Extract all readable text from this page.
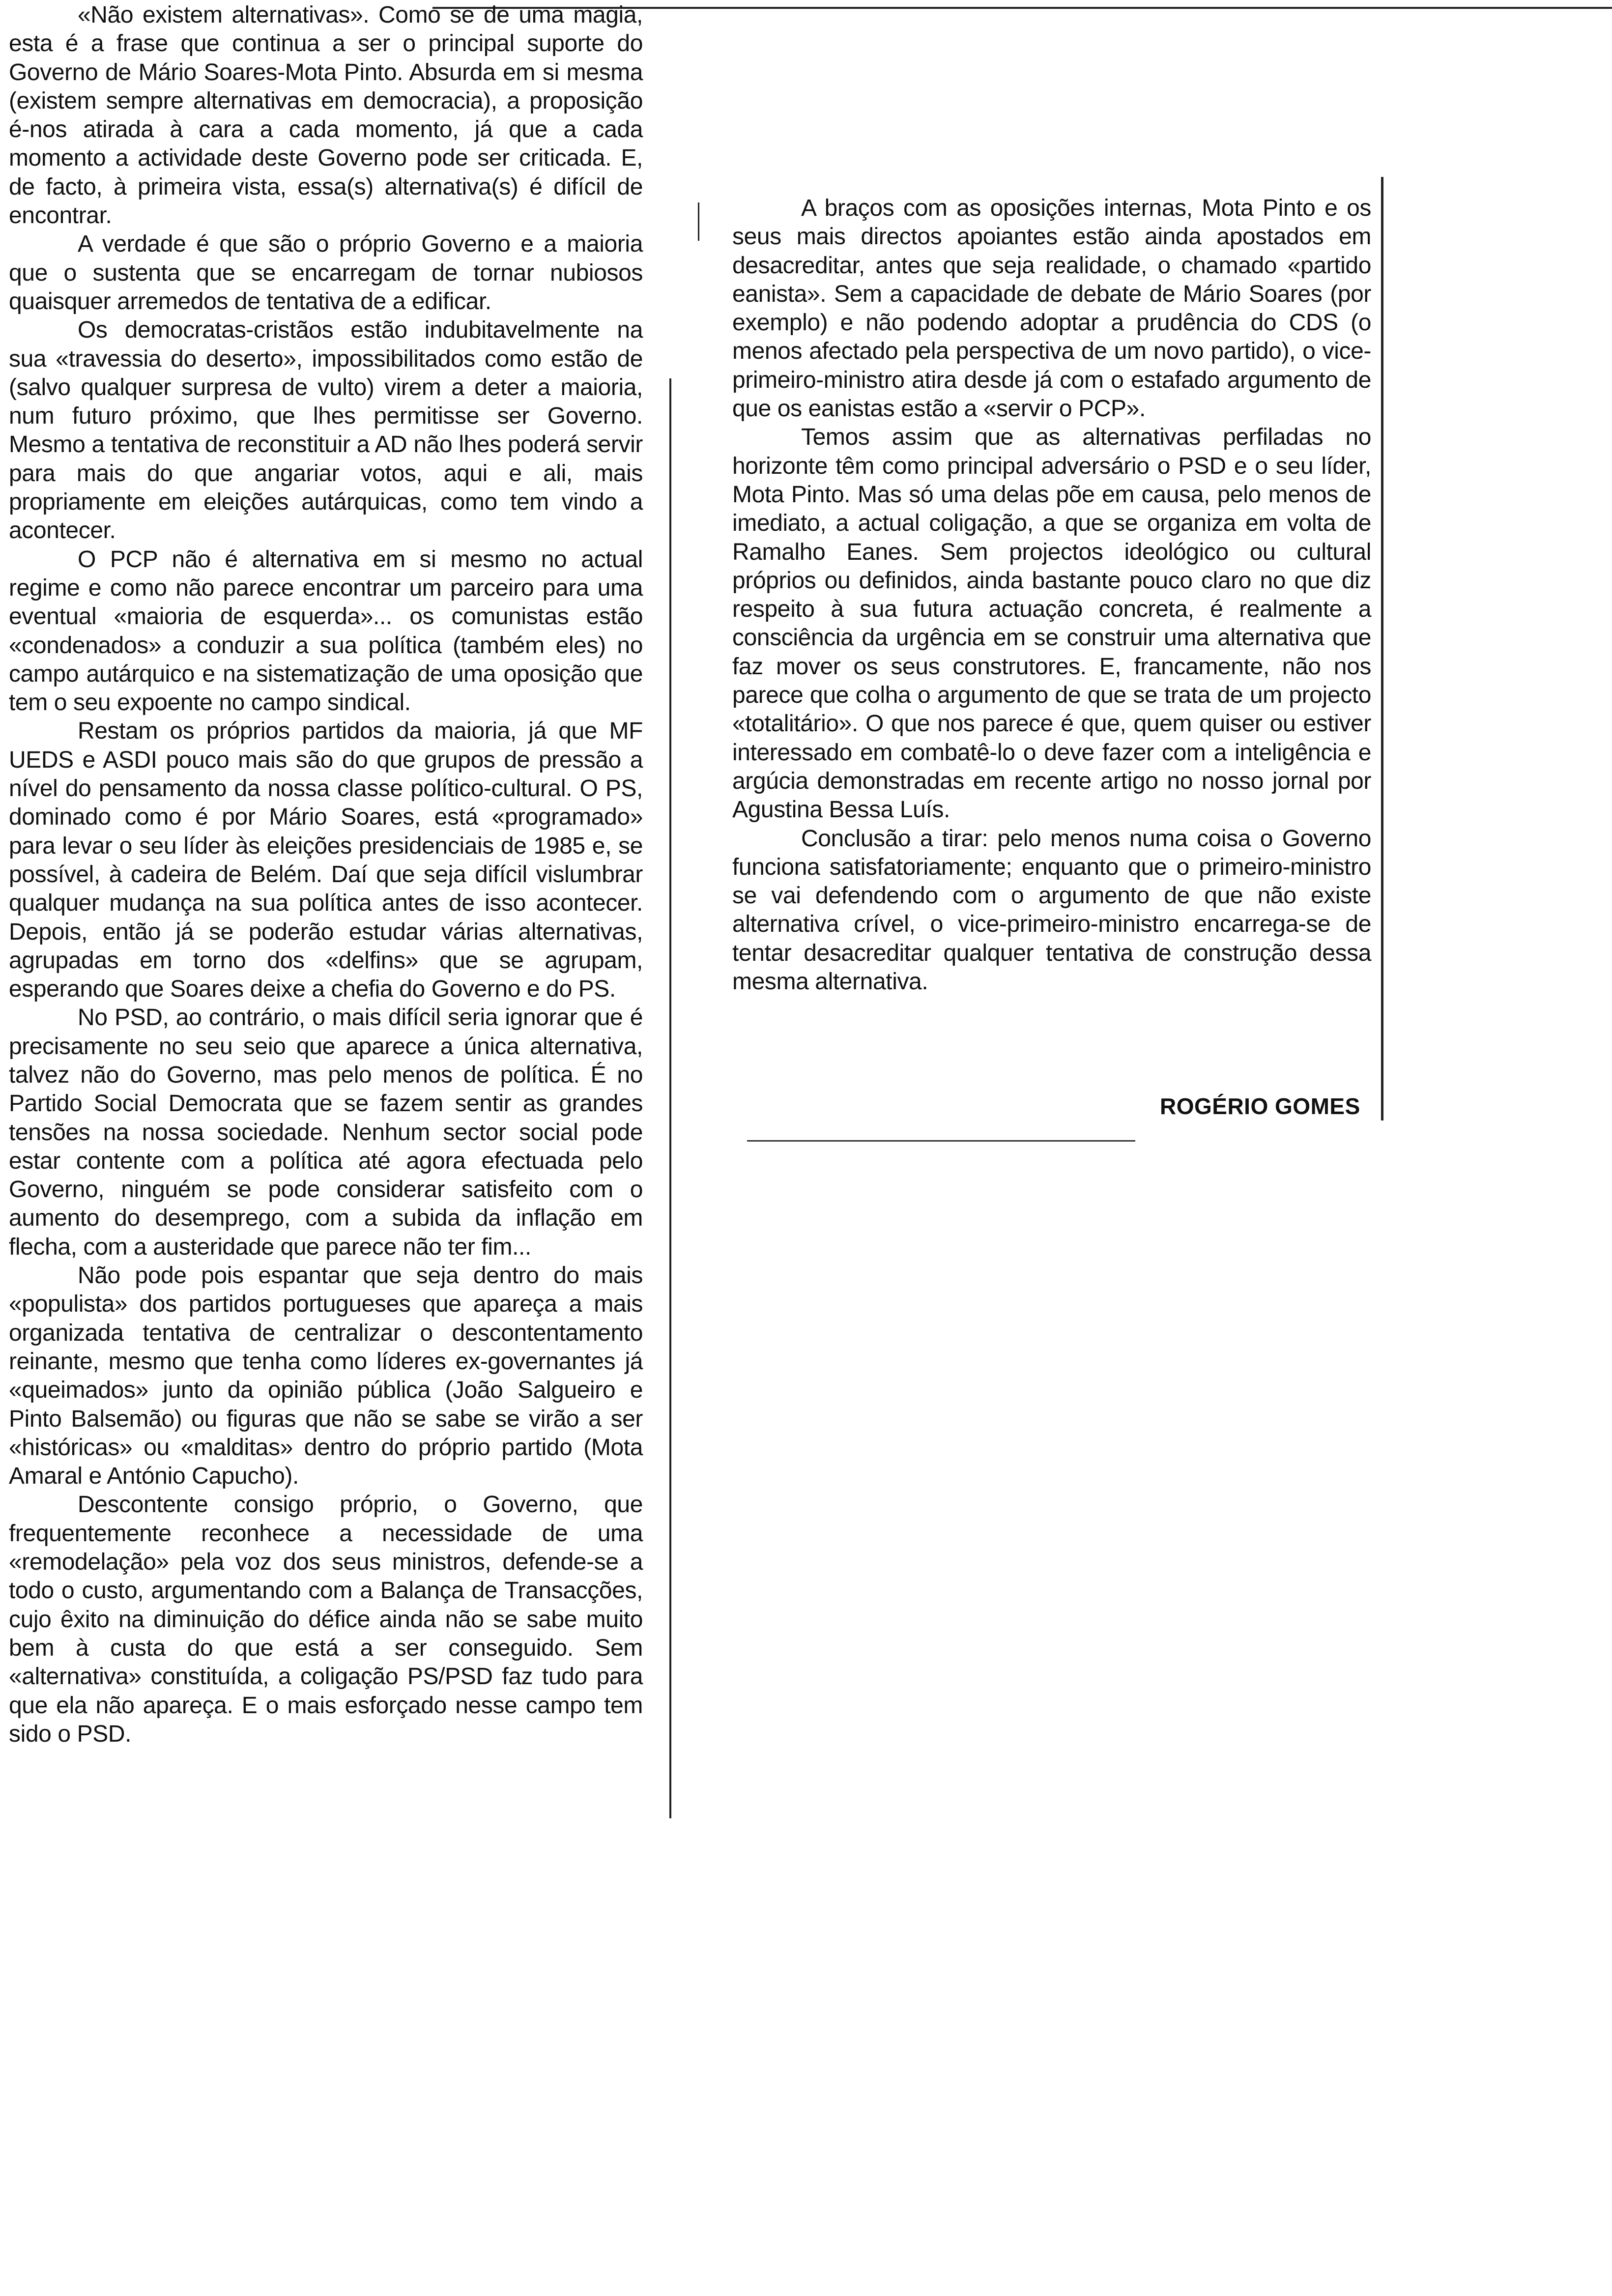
«Não existem alternativas». Como se de uma magia, esta é a frase que continua a ser o principal suporte do Governo de Mário Soares-Mota Pinto. Absurda em si mesma (existem sempre alternativas em democracia), a proposição é-nos atirada à cara a cada momento, já que a cada momento a actividade deste Governo pode ser criticada. E, de facto, à primeira vista, essa(s) alternativa(s) é difícil de encontrar.

A verdade é que são o próprio Governo e a maioria que o sustenta que se encarregam de tornar nubiosos quaisquer arremedos de tentativa de a edificar.

Os democratas-cristãos estão indubitavelmente na sua «travessia do deserto», impossibilitados como estão de (salvo qualquer surpresa de vulto) virem a deter a maioria, num futuro próximo, que lhes permitisse ser Governo. Mesmo a tentativa de reconstituir a AD não lhes poderá servir para mais do que angariar votos, aqui e ali, mais propriamente em eleições autárquicas, como tem vindo a acontecer.

O PCP não é alternativa em si mesmo no actual regime e como não parece encontrar um parceiro para uma eventual «maioria de esquerda»... os comunistas estão «condenados» a conduzir a sua política (também eles) no campo autárquico e na sistematização de uma oposição que tem o seu expoente no campo sindical.

Restam os próprios partidos da maioria, já que MF UEDS e ASDI pouco mais são do que grupos de pressão a nível do pensamento da nossa classe político-cultural. O PS, dominado como é por Mário Soares, está «programado» para levar o seu líder às eleições presidenciais de 1985 e, se possível, à cadeira de Belém. Daí que seja difícil vislumbrar qualquer mudança na sua política antes de isso acontecer. Depois, então já se poderão estudar várias alternativas, agrupadas em torno dos «delfins» que se agrupam, esperando que Soares deixe a chefia do Governo e do PS.

No PSD, ao contrário, o mais difícil seria ignorar que é precisamente no seu seio que aparece a única alternativa, talvez não do Governo, mas pelo menos de política. É no Partido Social Democrata que se fazem sentir as grandes tensões na nossa sociedade. Nenhum sector social pode estar contente com a política até agora efectuada pelo Governo, ninguém se pode considerar satisfeito com o aumento do desemprego, com a subida da inflação em flecha, com a austeridade que parece não ter fim...

Não pode pois espantar que seja dentro do mais «populista» dos partidos portugueses que apareça a mais organizada tentativa de centralizar o descontentamento reinante, mesmo que tenha como líderes ex-governantes já «queimados» junto da opinião pública (João Salgueiro e Pinto Balsemão) ou figuras que não se sabe se virão a ser «históricas» ou «malditas» dentro do próprio partido (Mota Amaral e António Capucho).

Descontente consigo próprio, o Governo, que frequentemente reconhece a necessidade de uma «remodelação» pela voz dos seus ministros, defende-se a todo o custo, argumentando com a Balança de Transacções, cujo êxito na diminuição do défice ainda não se sabe muito bem à custa do que está a ser conseguido. Sem «alternativa» constituída, a coligação PS/PSD faz tudo para que ela não apareça. E o mais esforçado nesse campo tem sido o PSD.

A braços com as oposições internas, Mota Pinto e os seus mais directos apoiantes estão ainda apostados em desacreditar, antes que seja realidade, o chamado «partido eanista». Sem a capacidade de debate de Mário Soares (por exemplo) e não podendo adoptar a prudência do CDS (o menos afectado pela perspectiva de um novo partido), o vice-primeiro-ministro atira desde já com o estafado argumento de que os eanistas estão a «servir o PCP».

Temos assim que as alternativas perfiladas no horizonte têm como principal adversário o PSD e o seu líder, Mota Pinto. Mas só uma delas põe em causa, pelo menos de imediato, a actual coligação, a que se organiza em volta de Ramalho Eanes. Sem projectos ideológico ou cultural próprios ou definidos, ainda bastante pouco claro no que diz respeito à sua futura actuação concreta, é realmente a consciência da urgência em se construir uma alternativa que faz mover os seus construtores. E, francamente, não nos parece que colha o argumento de que se trata de um projecto «totalitário». O que nos parece é que, quem quiser ou estiver interessado em combatê-lo o deve fazer com a inteligência e argúcia demonstradas em recente artigo no nosso jornal por Agustina Bessa Luís.

Conclusão a tirar: pelo menos numa coisa o Governo funciona satisfatoriamente; enquanto que o primeiro-ministro se vai defendendo com o argumento de que não existe alternativa crível, o vice-primeiro-ministro encarrega-se de tentar desacreditar qualquer tentativa de construção dessa mesma alternativa.

ROGÉRIO GOMES
